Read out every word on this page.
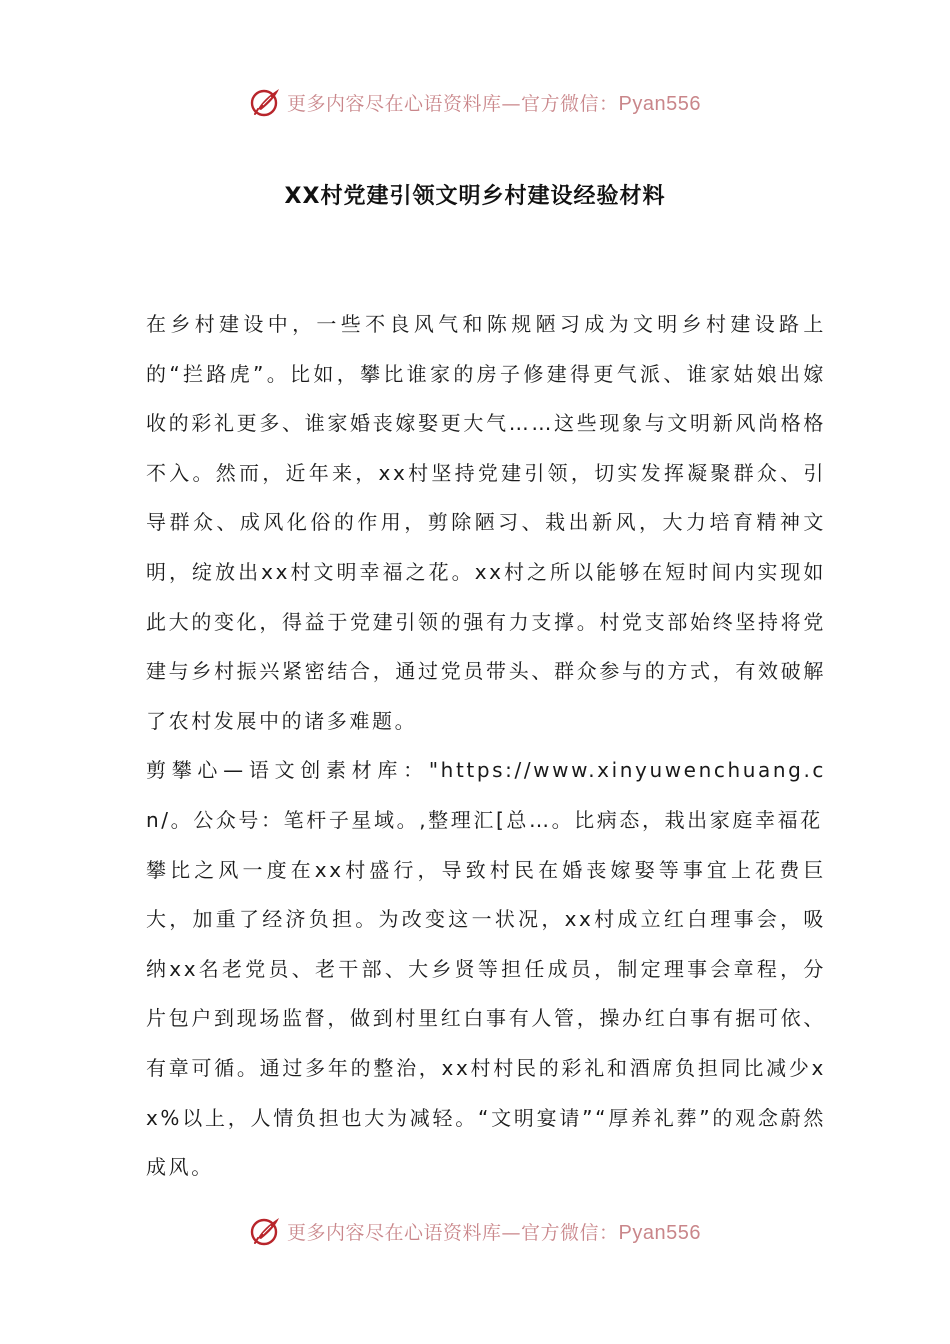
更多内容尽在心语资料库—官方微信：Pyan556
XX村党建引领文明乡村建设经验材料

在乡村建设中，一些不良风气和陈规陋习成为文明乡村建设路上的“拦路虎”。比如，攀比谁家的房子修建得更气派、谁家姑娘出嫁收的彩礼更多、谁家婚丧嫁娶更大气……这些现象与文明新风尚格格不入。然而，近年来，xx村坚持党建引领，切实发挥凝聚群众、引导群众、成风化俗的作用，剪除陋习、栽出新风，大力培育精神文明，绽放出xx村文明幸福之花。xx村之所以能够在短时间内实现如此大的变化，得益于党建引领的强有力支撑。村党支部始终坚持将党建与乡村振兴紧密结合，通过党员带头、群众参与的方式，有效破解了农村发展中的诸多难题。

剪攀心—语文创素材库："https://www.xinyuwenchuang.cn/。公众号：笔杆子星域。,整理汇[总…。比病态，栽出家庭幸福花

攀比之风一度在xx村盛行，导致村民在婚丧嫁娶等事宜上花费巨大，加重了经济负担。为改变这一状况，xx村成立红白理事会，吸纳xx名老党员、老干部、大乡贤等担任成员，制定理事会章程，分片包户到现场监督，做到村里红白事有人管，操办红白事有据可依、有章可循。通过多年的整治，xx村村民的彩礼和酒席负担同比减少xx%以上，人情负担也大为减轻。“文明宴请”“厚养礼葬”的观念蔚然成风。

更多内容尽在心语资料库—官方微信：Pyan556
